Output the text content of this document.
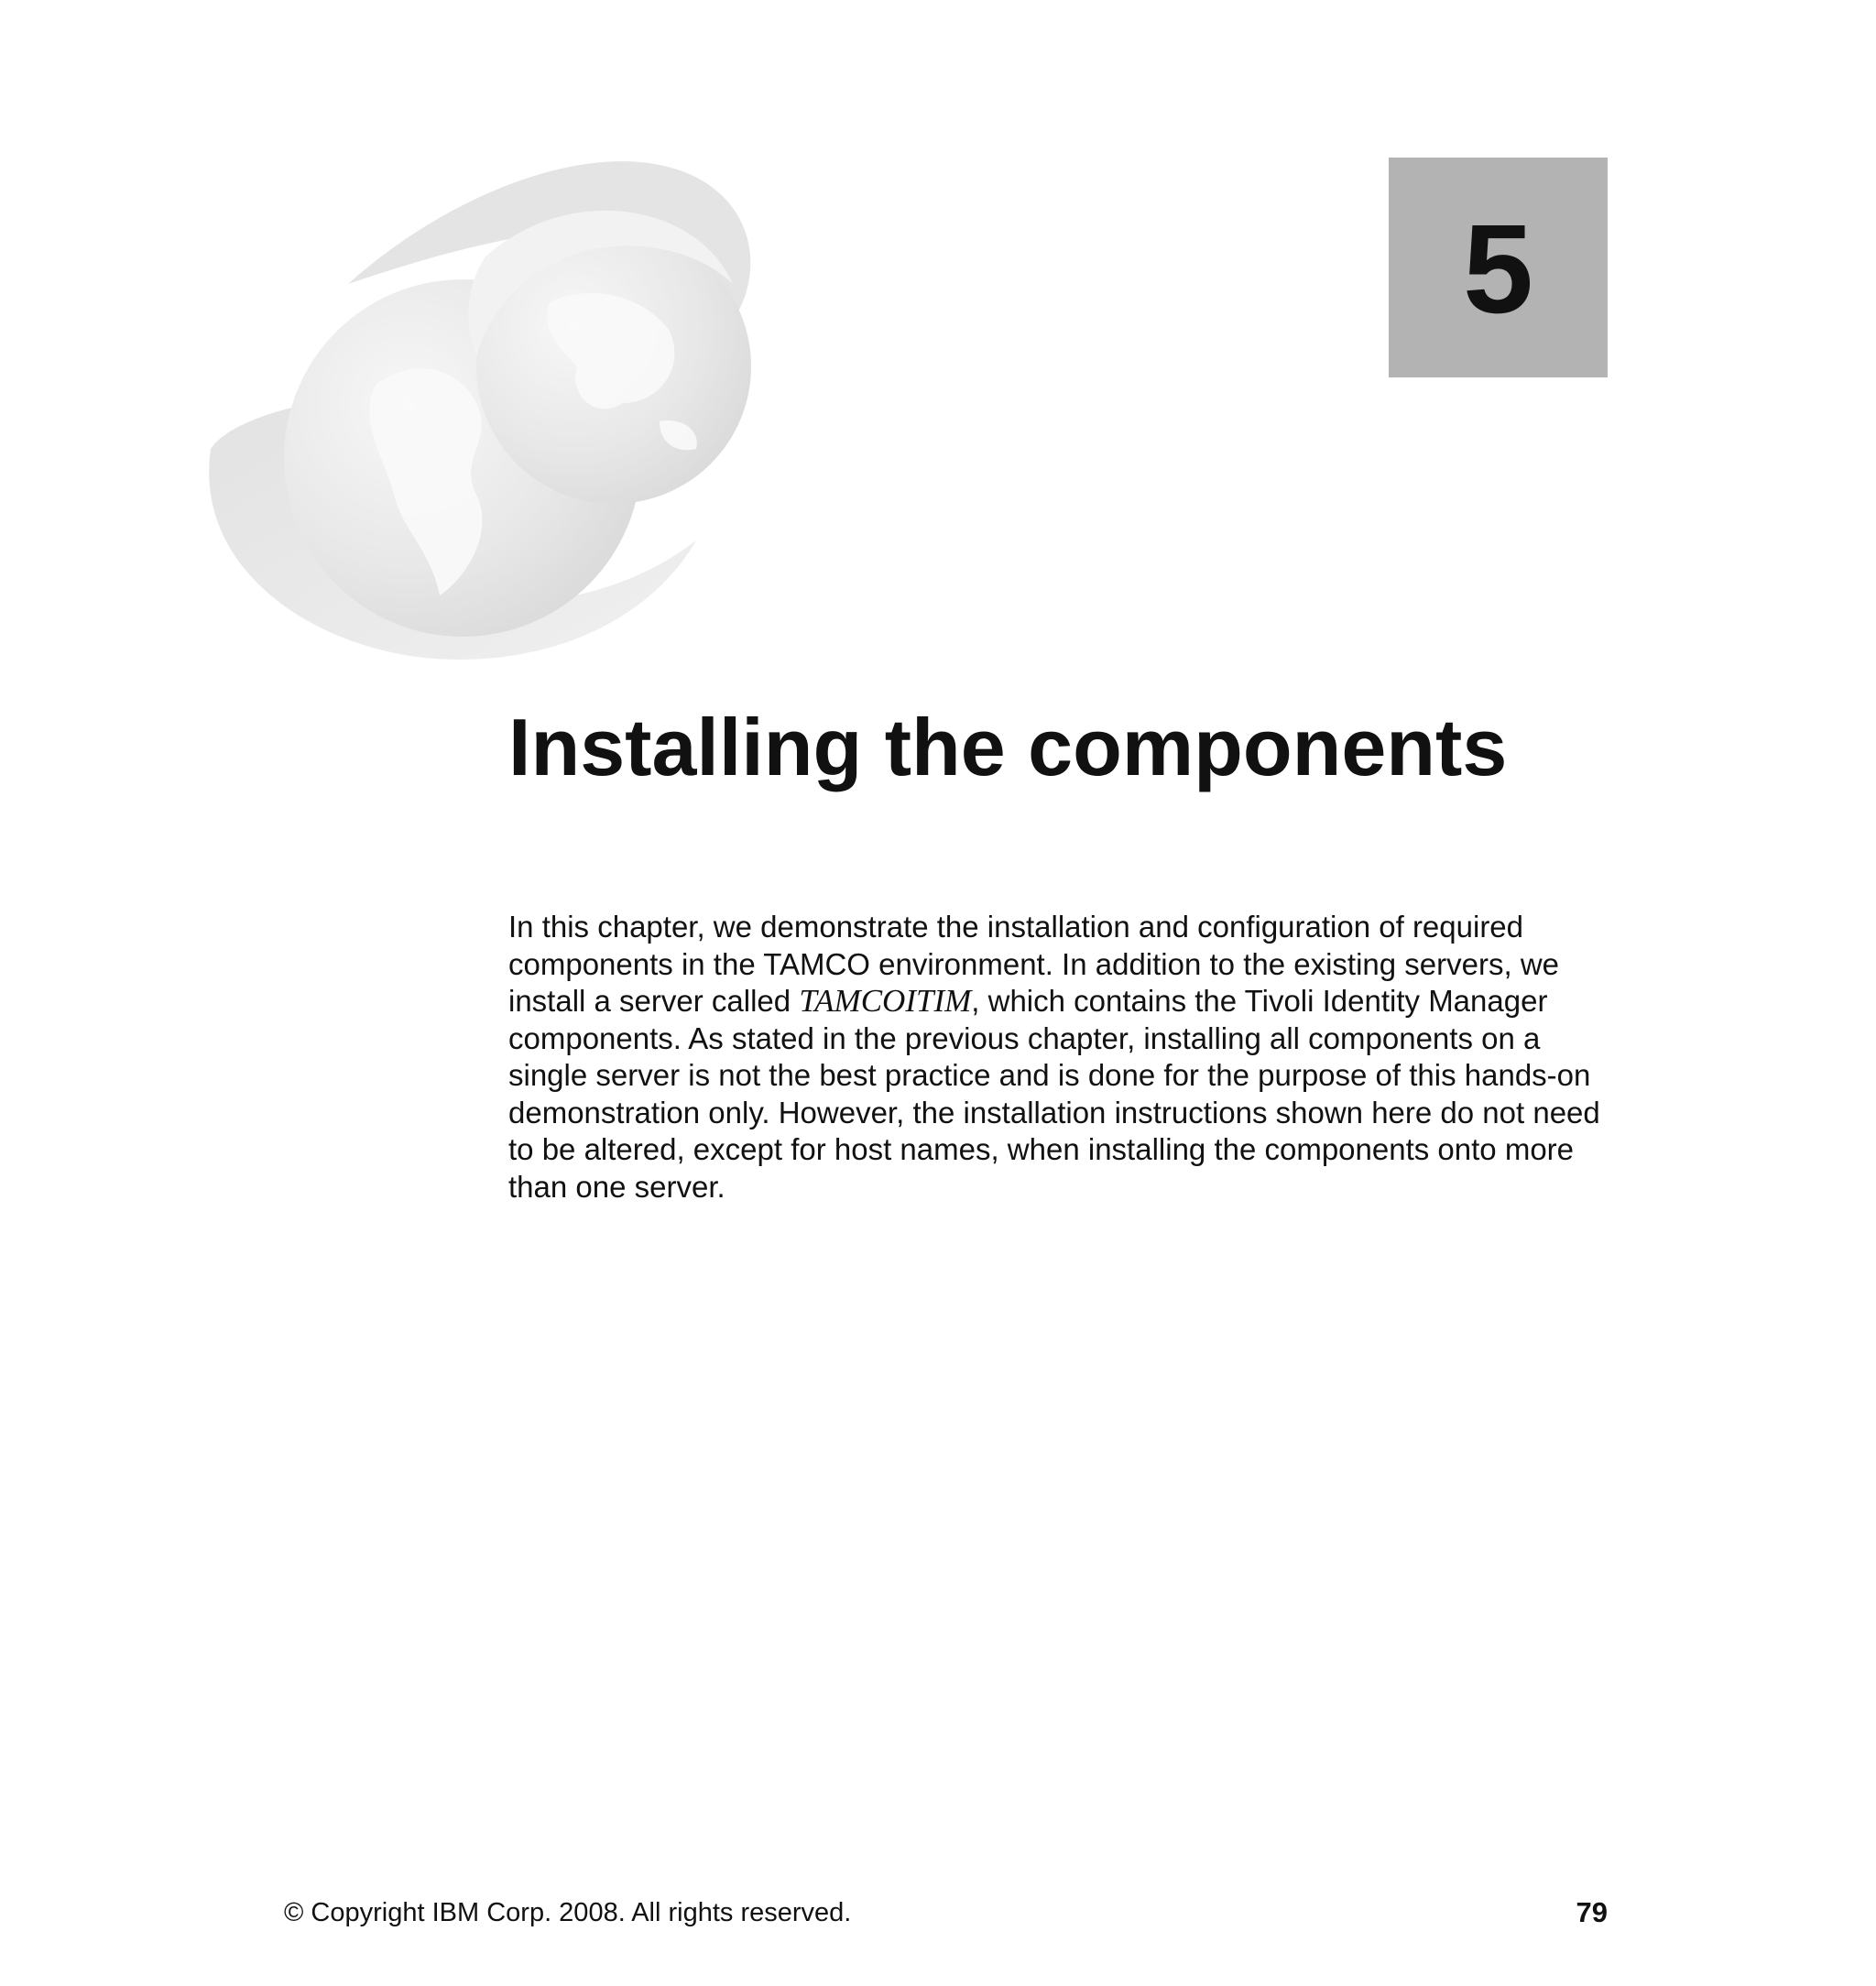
5
Installing the components

In this chapter, we demonstrate the installation and configuration of required components in the TAMCO environment. In addition to the existing servers, we install a server called TAMCOITIM, which contains the Tivoli Identity Manager components. As stated in the previous chapter, installing all components on a single server is not the best practice and is done for the purpose of this hands-on demonstration only. However, the installation instructions shown here do not need to be altered, except for host names, when installing the components onto more than one server.

© Copyright IBM Corp. 2008. All rights reserved.	79
